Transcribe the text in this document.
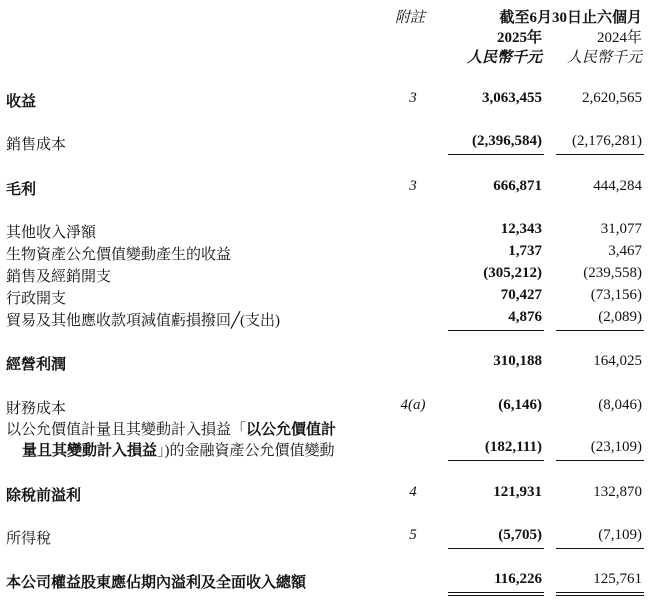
附註	截至6月30日止六個月
2025年	2024年
人民幣千元 人民幣千元
收益	3	3,063,455	2,620,565
銷售成本	(2,396,584) (2,176,281)
毛利	3	666,871	444,284
其他收入淨額	12,343	31,077
生物資產公允價值變動產生的收益	1,737	3,467
銷售及經銷開支	(305,212)	(239,558)
行政開支	70,427	(73,156)
貿易及其他應收款項減值虧損撥回╱(支出)	4,876	(2,089)
經營利潤	310,188	164,025
財務成本	4(a)	(6,146)	(8,046)
以公允價值計量且其變動計入損益「以公允價值計
量且其變動計入損益」)的金融資產公允價值變動	(182,111)	(23,109)
除稅前溢利	4	121,931	132,870
所得稅	5	(5,705)	(7,109)
本公司權益股東應佔期內溢利及全面收入總額	116,226	125,761
